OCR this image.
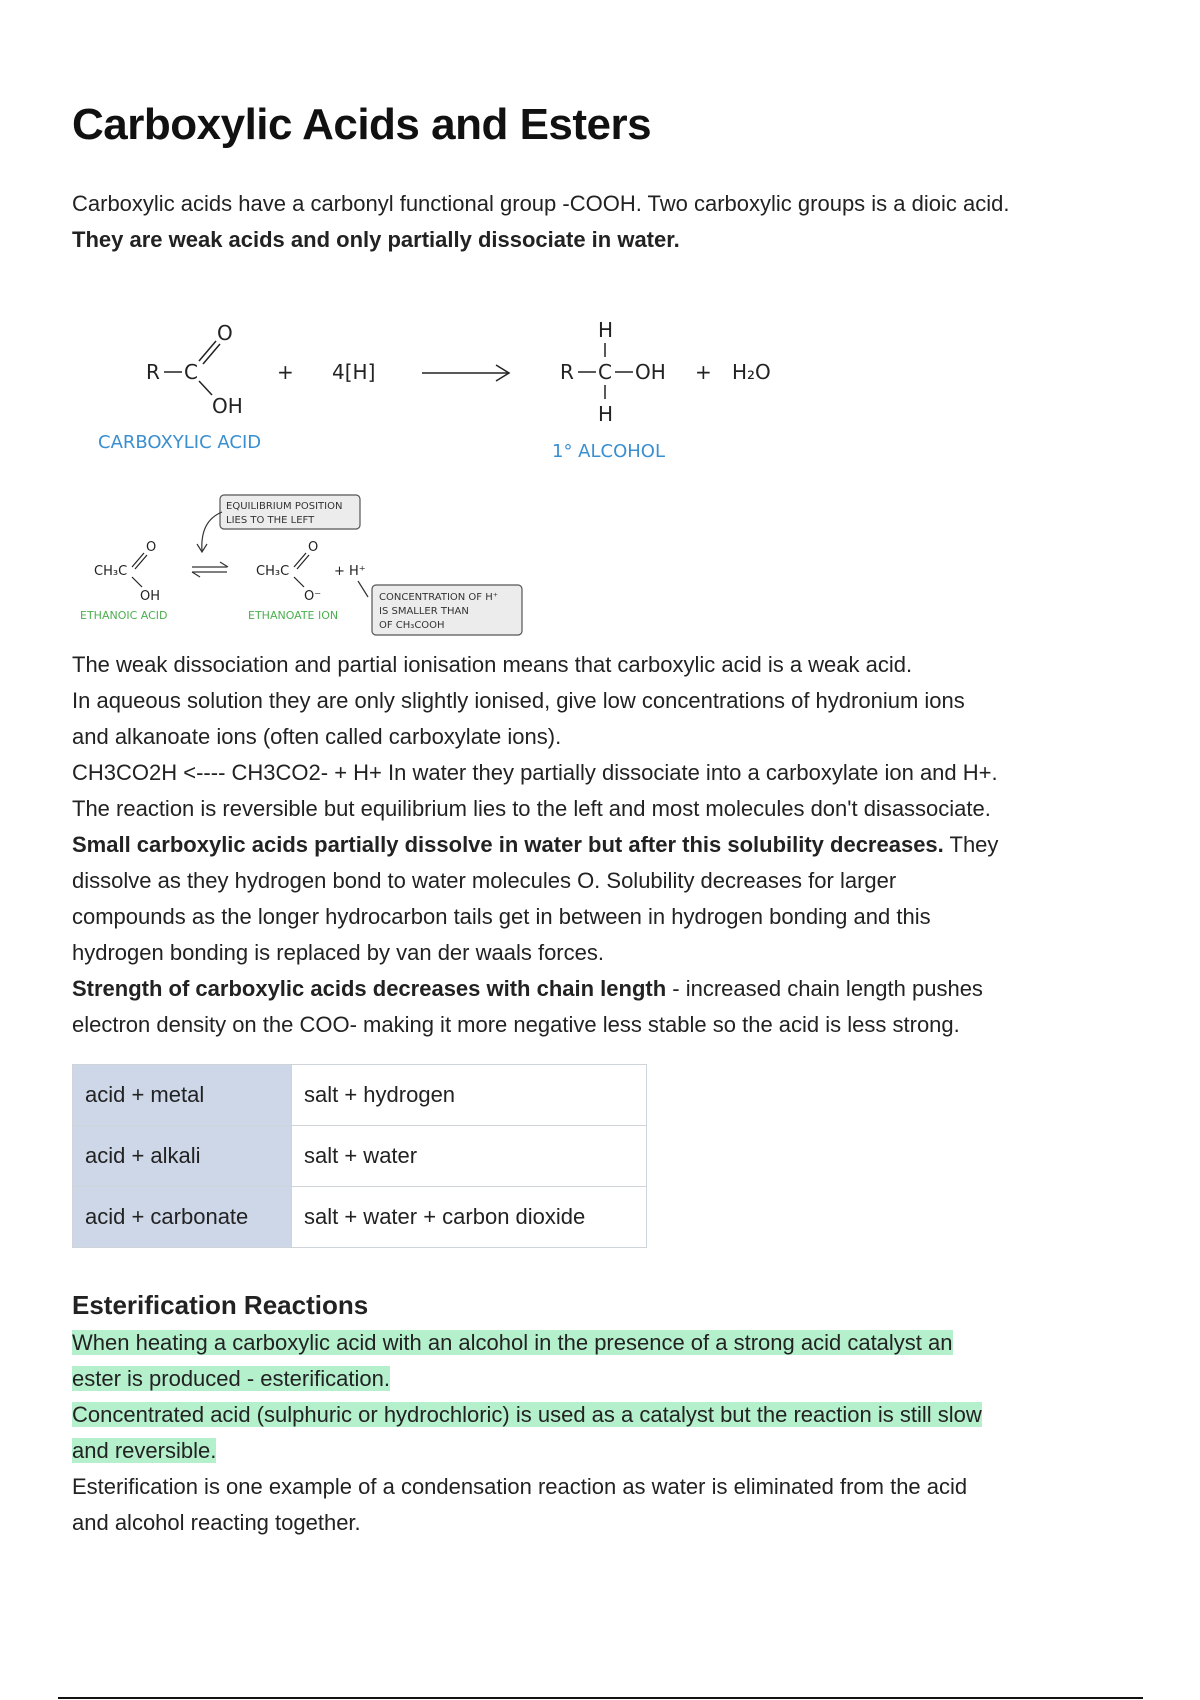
Carboxylic Acids and Esters

Carboxylic acids have a carbonyl functional group -COOH. Two carboxylic groups is a dioic acid.

They are weak acids and only partially dissociate in water.

R C
O
OH
+ 4[H]	R C
H
H
OH + H₂O
CARBOXYLIC ACID	1° ALCOHOL
EQUILIBRIUM POSITION
LIES TO THE LEFT
CH₃C
O
OH
CH₃C
O
O⁻
+ H⁺
CONCENTRATION OF H⁺
IS SMALLER THAN
OF CH₃COOH
ETHANOIC ACID	ETHANOATE ION

The weak dissociation and partial ionisation means that carboxylic acid is a weak acid.

In aqueous solution they are only slightly ionised, give low concentrations of hydronium ions

and alkanoate ions (often called carboxylate ions).

CH3CO2H <---- CH3CO2- + H+ In water they partially dissociate into a carboxylate ion and H+.

The reaction is reversible but equilibrium lies to the left and most molecules don't disassociate.

Small carboxylic acids partially dissolve in water but after this solubility decreases. They

dissolve as they hydrogen bond to water molecules O. Solubility decreases for larger

compounds as the longer hydrocarbon tails get in between in hydrogen bonding and this

hydrogen bonding is replaced by van der waals forces.

Strength of carboxylic acids decreases with chain length - increased chain length pushes

electron density on the COO- making it more negative less stable so the acid is less strong.

acid + metal	salt + hydrogen
acid + alkali	salt + water
acid + carbonate	salt + water + carbon dioxide
Esterification Reactions

When heating a carboxylic acid with an alcohol in the presence of a strong acid catalyst an

ester is produced - esterification.

Concentrated acid (sulphuric or hydrochloric) is used as a catalyst but the reaction is still slow

and reversible.

Esterification is one example of a condensation reaction as water is eliminated from the acid

and alcohol reacting together.
